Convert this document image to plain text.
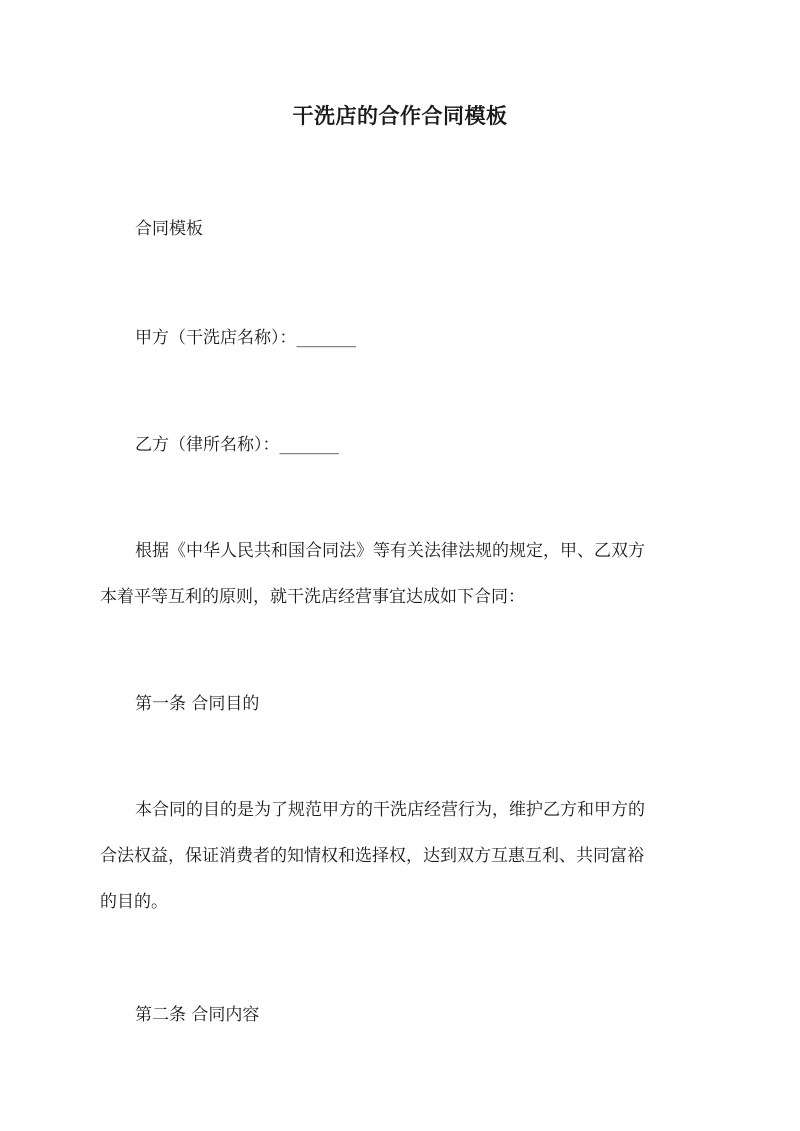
干洗店的合作合同模板

合同模板

甲方（干洗店名称）：_______

乙方（律所名称）：_______

根据《中华人民共和国合同法》等有关法律法规的规定，甲、乙双方
本着平等互利的原则，就干洗店经营事宜达成如下合同：

第一条 合同目的

本合同的目的是为了规范甲方的干洗店经营行为，维护乙方和甲方的
合法权益，保证消费者的知情权和选择权，达到双方互惠互利、共同富裕
的目的。

第二条 合同内容
